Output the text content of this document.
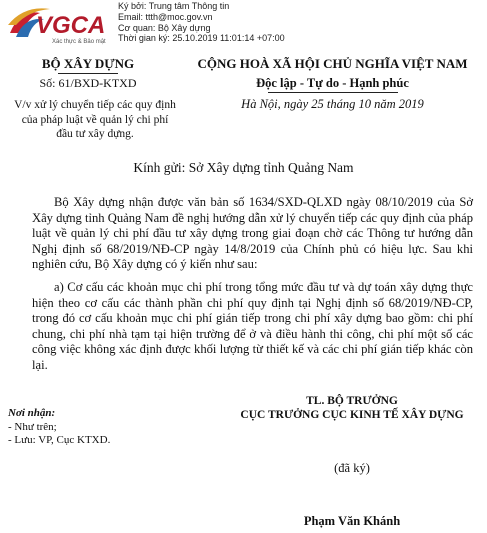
VGCA
Xác thực & Bảo mật
Ký bởi: Trung tâm Thông tin
Email: ttth@moc.gov.vn
Cơ quan: Bộ Xây dựng
Thời gian ký: 25.10.2019 11:01:14 +07:00
BỘ XÂY DỰNG
Số: 61/BXD-KTXD
V/v xử lý chuyển tiếp các quy định của pháp luật về quản lý chi phí đầu tư xây dựng.
CỘNG HOÀ XÃ HỘI CHỦ NGHĨA VIỆT NAM
Độc lập - Tự do - Hạnh phúc
Hà Nội, ngày 25 tháng 10 năm 2019
Kính gửi: Sở Xây dựng tỉnh Quảng Nam
Bộ Xây dựng nhận được văn bản số 1634/SXD-QLXD ngày 08/10/2019 của Sở Xây dựng tỉnh Quảng Nam đề nghị hướng dẫn xử lý chuyển tiếp các quy định của pháp luật về quản lý chi phí đầu tư xây dựng trong giai đoạn chờ các Thông tư hướng dẫn Nghị định số 68/2019/NĐ-CP ngày 14/8/2019 của Chính phủ có hiệu lực. Sau khi nghiên cứu, Bộ Xây dựng có ý kiến như sau:
a) Cơ cấu các khoản mục chi phí trong tổng mức đầu tư và dự toán xây dựng thực hiện theo cơ cấu các thành phần chi phí quy định tại Nghị định số 68/2019/NĐ-CP, trong đó cơ cấu khoản mục chi phí gián tiếp trong chi phí xây dựng bao gồm: chi phí chung, chi phí nhà tạm tại hiện trường để ở và điều hành thi công, chi phí một số các công việc không xác định được khối lượng từ thiết kế và các chi phí gián tiếp khác còn lại.
TL. BỘ TRƯỞNG
CỤC TRƯỞNG CỤC KINH TẾ XÂY DỰNG
Nơi nhận:
- Như trên;
- Lưu: VP, Cục KTXD.
(đã ký)
Phạm Văn Khánh
